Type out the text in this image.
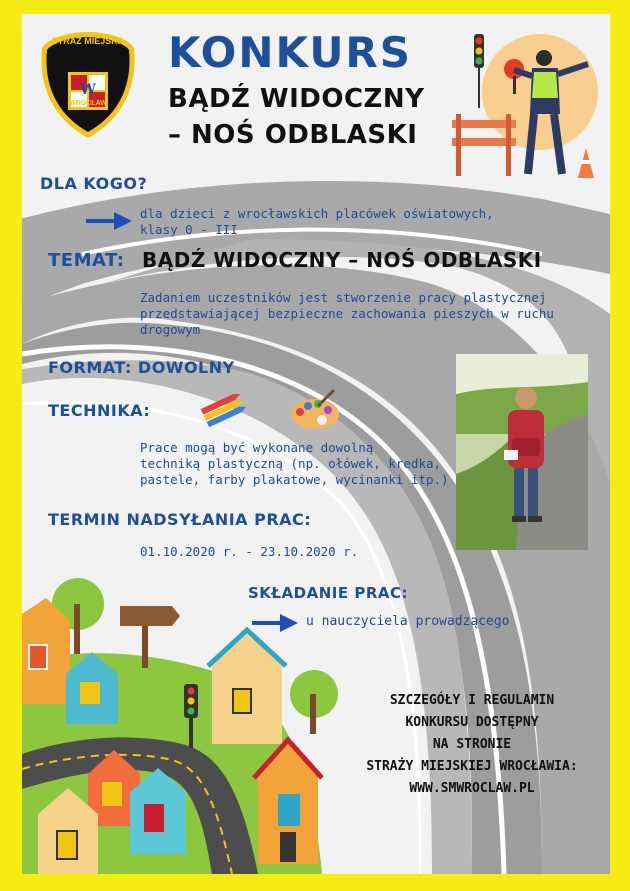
W
STRAŻ MIEJSKA
WROCŁAW
KONKURS
BĄDŹ WIDOCZNY
– NOŚ ODBLASKI
DLA KOGO?
dla dzieci z wrocławskich placówek oświatowych,
klasy 0 - III
TEMAT: BĄDŹ WIDOCZNY – NOŚ ODBLASKI
Zadaniem uczestników jest stworzenie pracy plastycznej
przedstawiającej bezpieczne zachowania pieszych w ruchu
drogowym
FORMAT: DOWOLNY
TECHNIKA:
Prace mogą być wykonane dowolną
techniką plastyczną (np. ołówek, kredka,
pastele, farby plakatowe, wycinanki itp.)
TERMIN NADSYŁANIA PRAC:
01.10.2020 r. - 23.10.2020 r.
SKŁADANIE PRAC:
u nauczyciela prowadzącego
SZCZEGÓŁY I REGULAMIN
KONKURSU DOSTĘPNY
NA STRONIE
STRAŻY MIEJSKIEJ WROCŁAWIA:
WWW.SMWROCLAW.PL
